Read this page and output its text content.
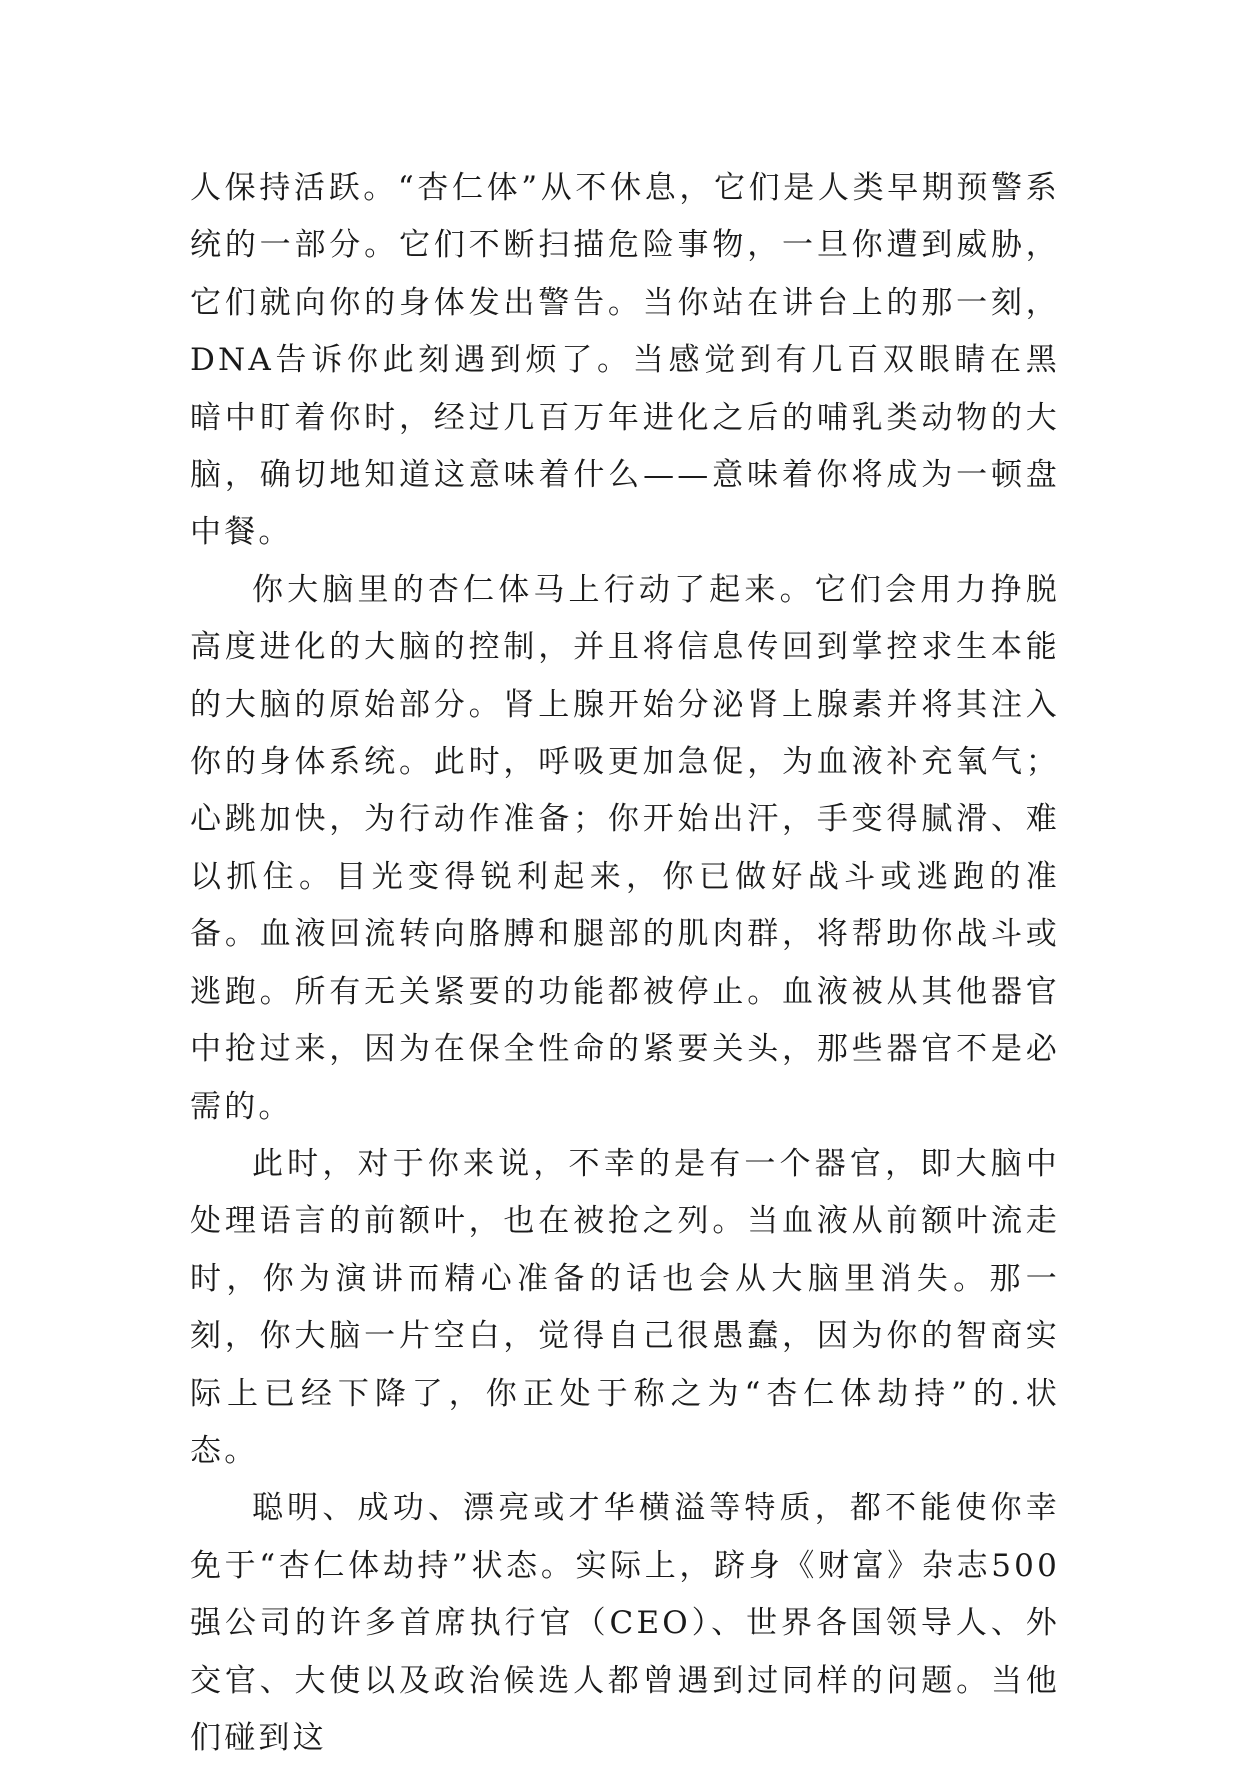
人保持活跃。“杏仁体”从不休息，它们是人类早期预警系统的一部分。它们不断扫描危险事物，一旦你遭到威胁，它们就向你的身体发出警告。当你站在讲台上的那一刻，DNA告诉你此刻遇到烦了。当感觉到有几百双眼睛在黑暗中盯着你时，经过几百万年进化之后的哺乳类动物的大脑，确切地知道这意味着什么——意味着你将成为一顿盘中餐。

你大脑里的杏仁体马上行动了起来。它们会用力挣脱高度进化的大脑的控制，并且将信息传回到掌控求生本能的大脑的原始部分。肾上腺开始分泌肾上腺素并将其注入你的身体系统。此时，呼吸更加急促，为血液补充氧气；心跳加快，为行动作准备；你开始出汗，手变得腻滑、难以抓住。目光变得锐利起来，你已做好战斗或逃跑的准备。血液回流转向胳膊和腿部的肌肉群，将帮助你战斗或逃跑。所有无关紧要的功能都被停止。血液被从其他器官中抢过来，因为在保全性命的紧要关头，那些器官不是必需的。

此时，对于你来说，不幸的是有一个器官，即大脑中处理语言的前额叶，也在被抢之列。当血液从前额叶流走时，你为演讲而精心准备的话也会从大脑里消失。那一刻，你大脑一片空白，觉得自己很愚蠢，因为你的智商实际上已经下降了，你正处于称之为“杏仁体劫持”的.状态。

聪明、成功、漂亮或才华横溢等特质，都不能使你幸免于“杏仁体劫持”状态。实际上，跻身《财富》杂志500强公司的许多首席执行官（CEO）、世界各国领导人、外交官、大使以及政治候选人都曾遇到过同样的问题。当他们碰到这
